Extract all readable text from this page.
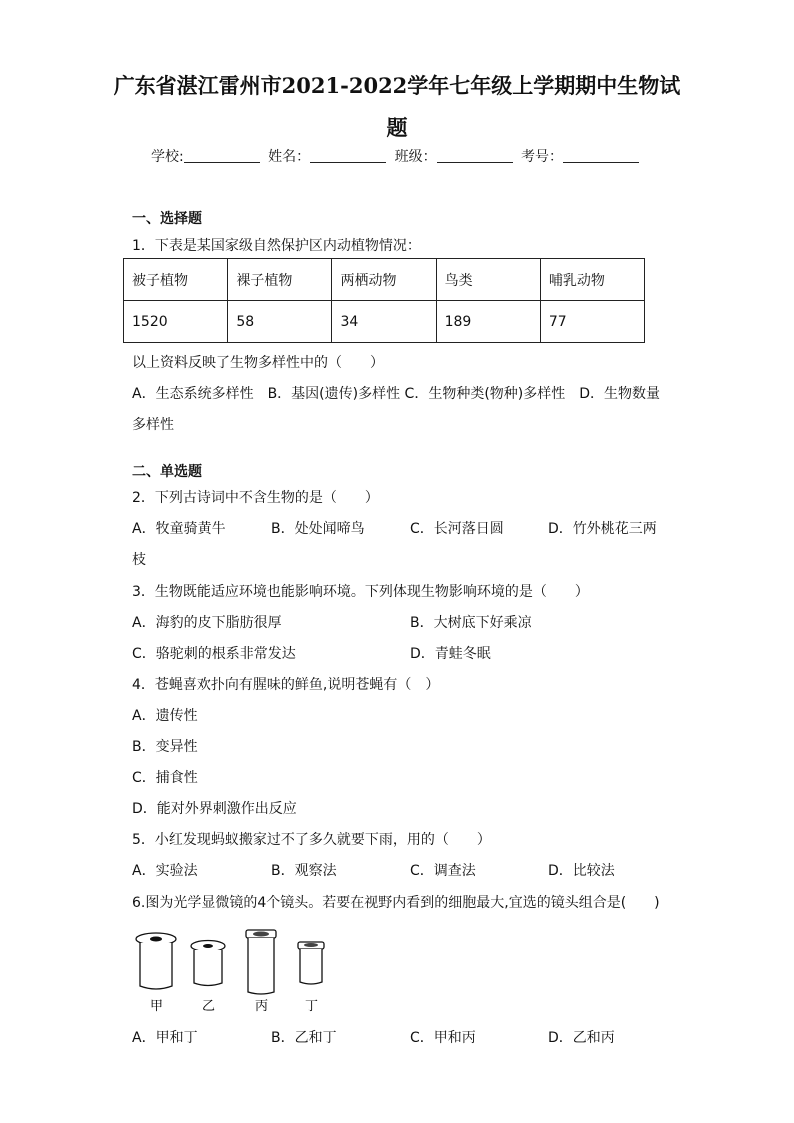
广东省湛江雷州市2021-2022学年七年级上学期期中生物试
题
学校:	姓名：	班级：	考号：
一、选择题
1．下表是某国家级自然保护区内动植物情况：
被子植物	裸子植物	两栖动物	鸟类	哺乳动物
1520	58	34	189	77
以上资料反映了生物多样性中的（　　）
A．生态系统多样性　B．基因(遗传)多样性 C．生物种类(物种)多样性　D．生物数量
多样性
二、单选题
2．下列古诗词中不含生物的是（　　）
A．牧童骑黄牛	B．处处闻啼鸟	C．长河落日圆	D．竹外桃花三两
枝
3．生物既能适应环境也能影响环境。下列体现生物影响环境的是（　　）
A．海豹的皮下脂肪很厚	B．大树底下好乘凉
C．骆驼刺的根系非常发达	D．青蛙冬眠
4．苍蝇喜欢扑向有腥味的鲜鱼,说明苍蝇有（　）
A．遗传性
B．变异性
C．捕食性
D．能对外界刺激作出反应
5．小红发现蚂蚁搬家过不了多久就要下雨，用的（　　）
A．实验法	B．观察法	C．调查法	D．比较法
6.图为光学显微镜的4个镜头。若要在视野内看到的细胞最大,宜选的镜头组合是(　　)
甲	乙	丙	丁
A．甲和丁	B．乙和丁	C．甲和丙	D．乙和丙
